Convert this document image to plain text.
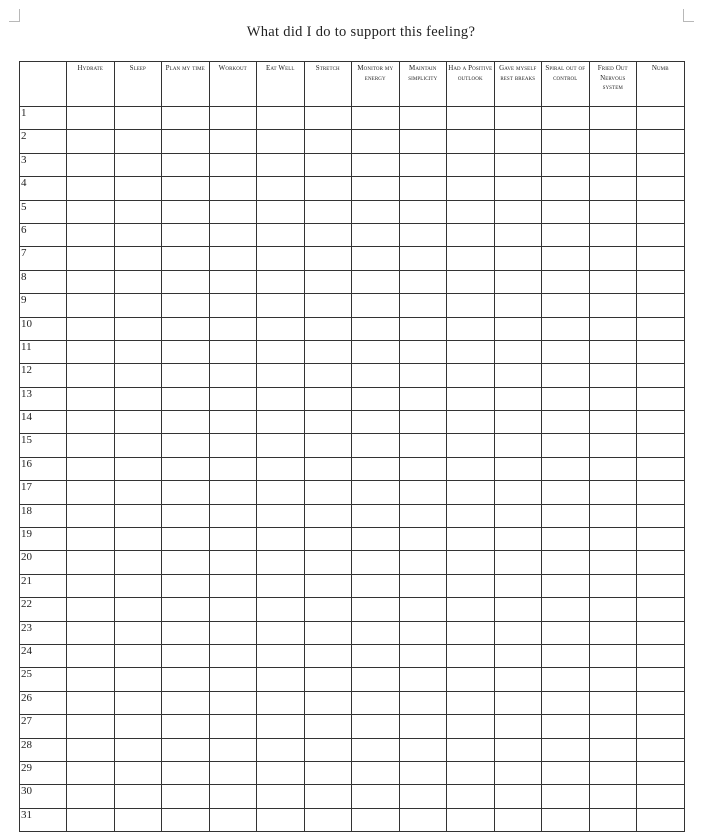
What did I do to support this feeling?
	Hydrate	Sleep	Plan my time	Workout	Eat Well	Stretch	Monitor my energy	Maintain simplicity	Had a Positive outlook	Gave myself rest breaks	Spiral out of control	Fried Out Nervous system	Numb
1													
2													
3													
4													
5													
6													
7													
8													
9													
10													
11													
12													
13													
14													
15													
16													
17													
18													
19													
20													
21													
22													
23													
24													
25													
26													
27													
28													
29													
30													
31													
